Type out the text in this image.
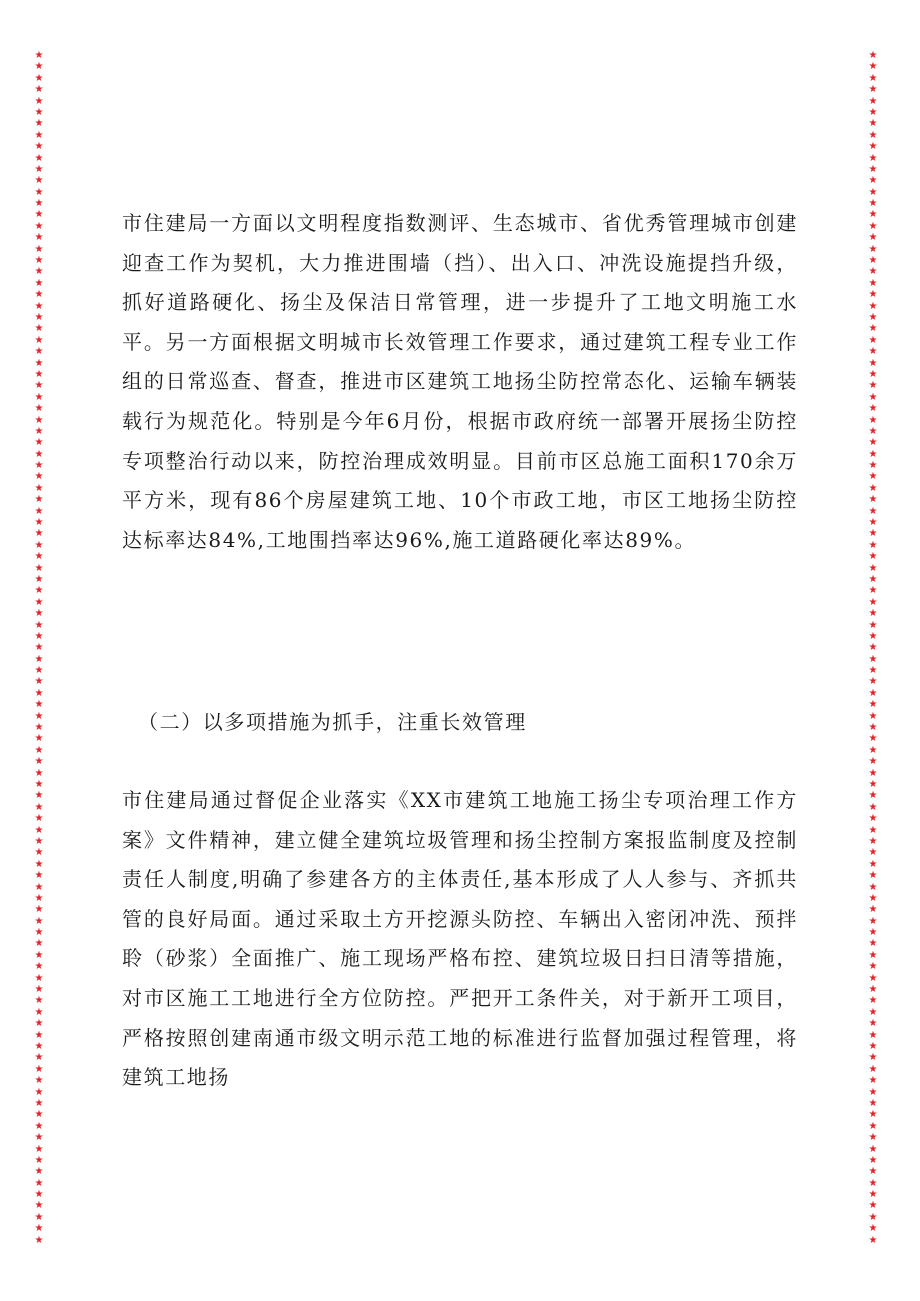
★
★
★
★
★
★
★
★
★
★
★
★
★
★
★
★
★
★
★
★
★
★
★
★
★
★
★
★
★
★
★
★
★
★
★
★
★
★
★
★
★
★
★
★
★
★
★
★
★
★
★
★
★
★
★
★
★
★
★
★
★
★
★
★
★
★
★
★
★
★
★
★
★
★
★
★
★
★
★
★
★
★
★
★
★
★
★
★
★
★
★
★
★
★
★
★
★
★
★
★
★
★
★
★
★
★
★
★
★
★
★
★
★
★
★
★
★
★
★
★
★
★
★
★
★
★
★
★
★
★
★
★
★
★
★
★
★
★
★
★
★
★
★
★
★
★
★
★
★
★
★
★
★
★
★
★
★
★
★
★
★
★
★
★
★
★
★
★
★
★
★
★
★
★
★
★
★
★
★
★
★
★
★
★
★
★
★
★
★
★
★
★
★
★
★
★
★
★
★
★
★
★
★
★
★
★
★
★
★
★

市住建局一方面以文明程度指数测评、生态城市、省优秀管理城市创建迎查工作为契机，大力推进围墙（挡）、出入口、冲洗设施提挡升级，抓好道路硬化、扬尘及保洁日常管理，进一步提升了工地文明施工水平。另一方面根据文明城市长效管理工作要求，通过建筑工程专业工作组的日常巡查、督查，推进市区建筑工地扬尘防控常态化、运输车辆装载行为规范化。特别是今年6月份，根据市政府统一部署开展扬尘防控专项整治行动以来，防控治理成效明显。目前市区总施工面积170余万平方米，现有86个房屋建筑工地、10个市政工地，市区工地扬尘防控达标率达84%,工地围挡率达96%,施工道路硬化率达89%。

（二）以多项措施为抓手，注重长效管理

市住建局通过督促企业落实《XX市建筑工地施工扬尘专项治理工作方案》文件精神，建立健全建筑垃圾管理和扬尘控制方案报监制度及控制责任人制度,明确了参建各方的主体责任,基本形成了人人参与、齐抓共管的良好局面。通过采取土方开挖源头防控、车辆出入密闭冲洗、预拌聆（砂浆）全面推广、施工现场严格布控、建筑垃圾日扫日清等措施，对市区施工工地进行全方位防控。严把开工条件关，对于新开工项目，严格按照创建南通市级文明示范工地的标准进行监督加强过程管理，将建筑工地扬
